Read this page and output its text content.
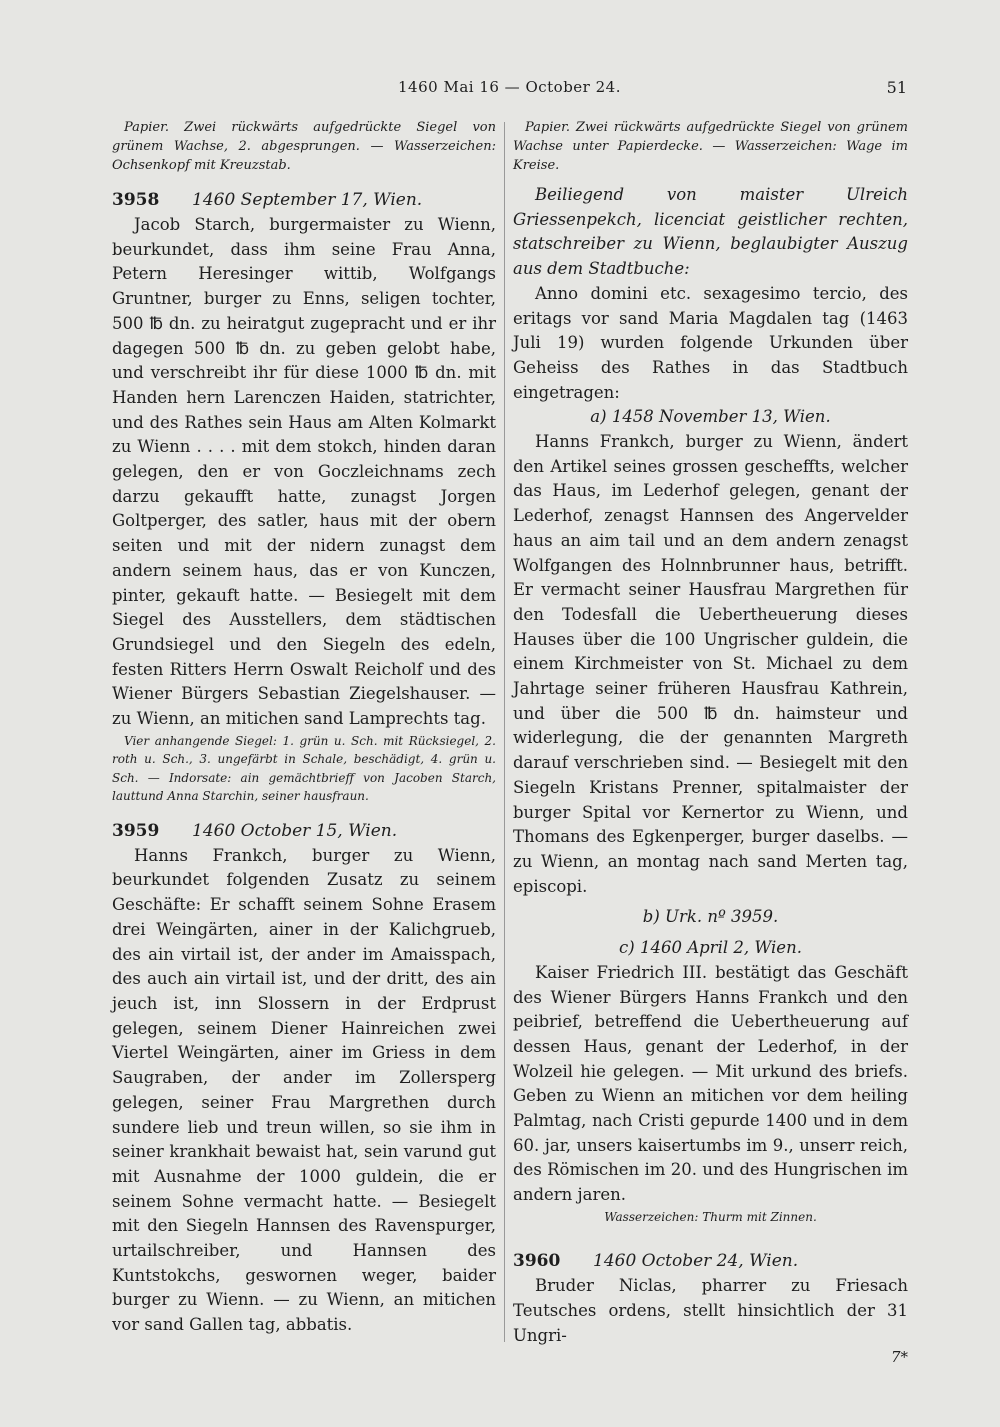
1460 Mai 16 — October 24.	51

Papier. Zwei rückwärts aufgedrückte Siegel von grünem Wachse, 2. abgesprungen. — Wasserzeichen: Ochsenkopf mit Kreuzstab.

3958 1460 September 17, Wien.

Jacob Starch, burgermaister zu Wienn, beurkundet, dass ihm seine Frau Anna, Petern Heresinger wittib, Wolfgangs Gruntner, burger zu Enns, seligen tochter, 500 ℔ dn. zu heiratgut zugepracht und er ihr dagegen 500 ℔ dn. zu geben gelobt habe, und verschreibt ihr für diese 1000 ℔ dn. mit Handen hern Larenczen Haiden, statrichter, und des Rathes sein Haus am Alten Kolmarkt zu Wienn . . . . mit dem stokch, hinden daran gelegen, den er von Goczleichnams zech darzu gekaufft hatte, zunagst Jorgen Goltperger, des satler, haus mit der obern seiten und mit der nidern zunagst dem andern seinem haus, das er von Kunczen, pinter, gekauft hatte. — Besiegelt mit dem Siegel des Ausstellers, dem städtischen Grundsiegel und den Siegeln des edeln, festen Ritters Herrn Oswalt Reicholf und des Wiener Bürgers Sebastian Ziegelshauser. — zu Wienn, an mitichen sand Lamprechts tag.

Vier anhangende Siegel: 1. grün u. Sch. mit Rücksiegel, 2. roth u. Sch., 3. ungefärbt in Schale, beschädigt, 4. grün u. Sch. — Indorsate: ain gemächtbrieff von Jacoben Starch, lauttund Anna Starchin, seiner hausfraun.

3959 1460 October 15, Wien.

Hanns Frankch, burger zu Wienn, beurkundet folgenden Zusatz zu seinem Geschäfte: Er schafft seinem Sohne Erasem drei Weingärten, ainer in der Kalichgrueb, des ain virtail ist, der ander im Amaisspach, des auch ain virtail ist, und der dritt, des ain jeuch ist, inn Slossern in der Erdprust gelegen, seinem Diener Hainreichen zwei Viertel Weingärten, ainer im Griess in dem Saugraben, der ander im Zollersperg gelegen, seiner Frau Margrethen durch sundere lieb und treun willen, so sie ihm in seiner krankhait bewaist hat, sein varund gut mit Ausnahme der 1000 guldein, die er seinem Sohne vermacht hatte. — Besiegelt mit den Siegeln Hannsen des Ravenspurger, urtailschreiber, und Hannsen des Kuntstokchs, geswornen weger, baider burger zu Wienn. — zu Wienn, an mitichen vor sand Gallen tag, abbatis.

Papier. Zwei rückwärts aufgedrückte Siegel von grünem Wachse unter Papierdecke. — Wasserzeichen: Wage im Kreise.

Beiliegend von maister Ulreich Griessenpekch, licenciat geistlicher rechten, statschreiber zu Wienn, beglaubigter Auszug aus dem Stadtbuche:

Anno domini etc. sexagesimo tercio, des eritags vor sand Maria Magdalen tag (1463 Juli 19) wurden folgende Urkunden über Geheiss des Rathes in das Stadtbuch eingetragen:

a) 1458 November 13, Wien.

Hanns Frankch, burger zu Wienn, ändert den Artikel seines grossen gescheffts, welcher das Haus, im Lederhof gelegen, genant der Lederhof, zenagst Hannsen des Angervelder haus an aim tail und an dem andern zenagst Wolfgangen des Holnnbrunner haus, betrifft. Er vermacht seiner Hausfrau Margrethen für den Todesfall die Uebertheuerung dieses Hauses über die 100 Ungrischer guldein, die einem Kirchmeister von St. Michael zu dem Jahrtage seiner früheren Hausfrau Kathrein, und über die 500 ℔ dn. haimsteur und widerlegung, die der genannten Margreth darauf verschrieben sind. — Besiegelt mit den Siegeln Kristans Prenner, spitalmaister der burger Spital vor Kernertor zu Wienn, und Thomans des Egkenperger, burger daselbs. — zu Wienn, an montag nach sand Merten tag, episcopi.

b) Urk. nº 3959.

c) 1460 April 2, Wien.

Kaiser Friedrich III. bestätigt das Geschäft des Wiener Bürgers Hanns Frankch und den peibrief, betreffend die Uebertheuerung auf dessen Haus, genant der Lederhof, in der Wolzeil hie gelegen. — Mit urkund des briefs. Geben zu Wienn an mitichen vor dem heiling Palmtag, nach Cristi gepurde 1400 und in dem 60. jar, unsers kaisertumbs im 9., unserr reich, des Römischen im 20. und des Hungrischen im andern jaren.

Wasserzeichen: Thurm mit Zinnen.

3960 1460 October 24, Wien.

Bruder Niclas, pharrer zu Friesach Teutsches ordens, stellt hinsichtlich der 31 Ungri-

7*
